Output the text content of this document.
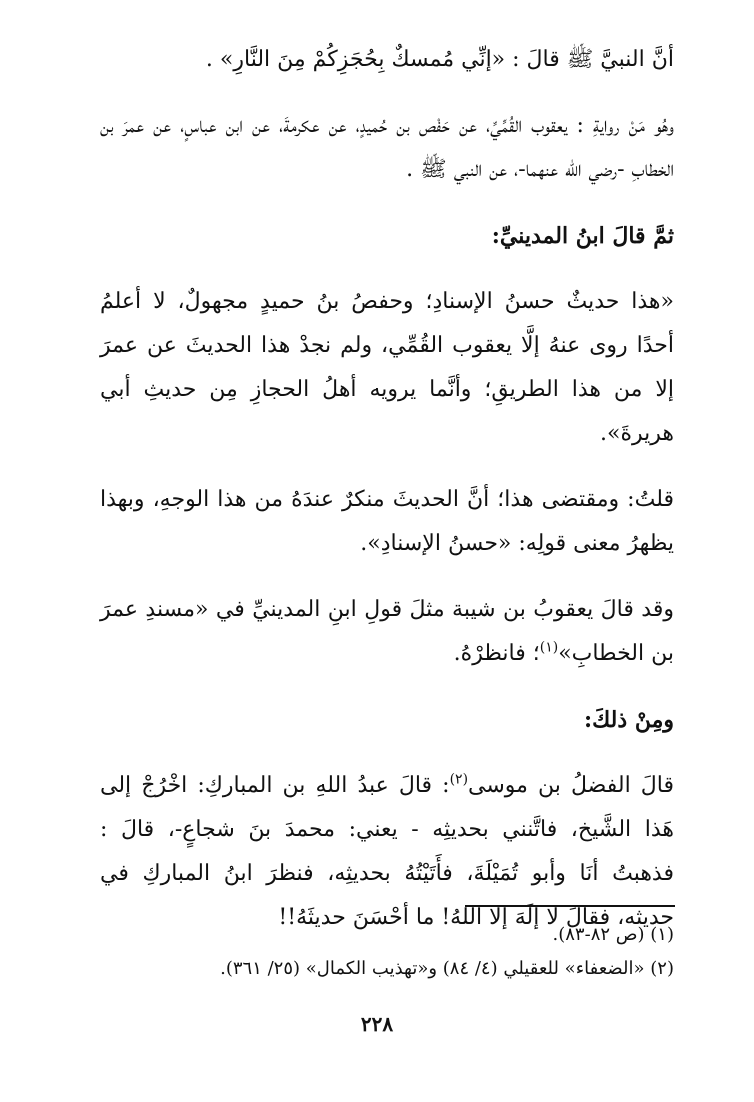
أنَّ النبيَّ ﷺ قالَ : «إنِّي مُمسكٌ بِحُجَزِكُمْ مِنَ النَّارِ» .

وهُو مَنْ روايةِ : يعقوب القُمِّيِّ، عن حَفْص بن حُميدٍ، عن عكرمةَ، عن ابن عباسٍ، عن عمرَ بن الخطابِ -رضي الله عنهما-، عن النبي ﷺ .

ثمَّ قالَ ابنُ المدينيِّ:

«هذا حديثٌ حسنُ الإسنادِ؛ وحفصُ بنُ حميدٍ مجهولٌ، لا أعلمُ أحدًا روى عنهُ إلَّا يعقوب القُمِّي، ولم نجدْ هذا الحديثَ عن عمرَ إلا من هذا الطريقِ؛ وأنَّما يرويه أهلُ الحجازِ مِن حديثِ أبي هريرةَ».

قلتُ: ومقتضى هذا؛ أنَّ الحديثَ منكرٌ عندَهُ من هذا الوجهِ، وبهذا يظهرُ معنى قولِه: «حسنُ الإسنادِ».

وقد قالَ يعقوبُ بن شيبة مثلَ قولِ ابنِ المدينيِّ في «مسندِ عمرَ بن الخطابِ»$^{(١)}$؛ فانظرْهُ.

ومِنْ ذلكَ:

قالَ الفضلُ بن موسى$^{(٢)}$: قالَ عبدُ اللهِ بن المباركِ: اخْرُجْ إلى هَذا الشَّيخ، فاتَّنني بحديثِه - يعني: محمدَ بنَ شجاعٍ-، قالَ : فذهبتُ أنَا وأبو تُمَيْلَةَ، فأَتَيْتُهُ بحديثِه، فنظرَ ابنُ المباركِ في حديثه، فقالَ لا إلَهَ إلا اللهُ! ما أحْسَنَ حديثَهُ!!

(١) (ص ٨٢-٨٣).

(٢) «الضعفاء» للعقيلي (٤/ ٨٤) و«تهذيب الكمال» (٢٥/ ٣٦١).

٢٢٨
